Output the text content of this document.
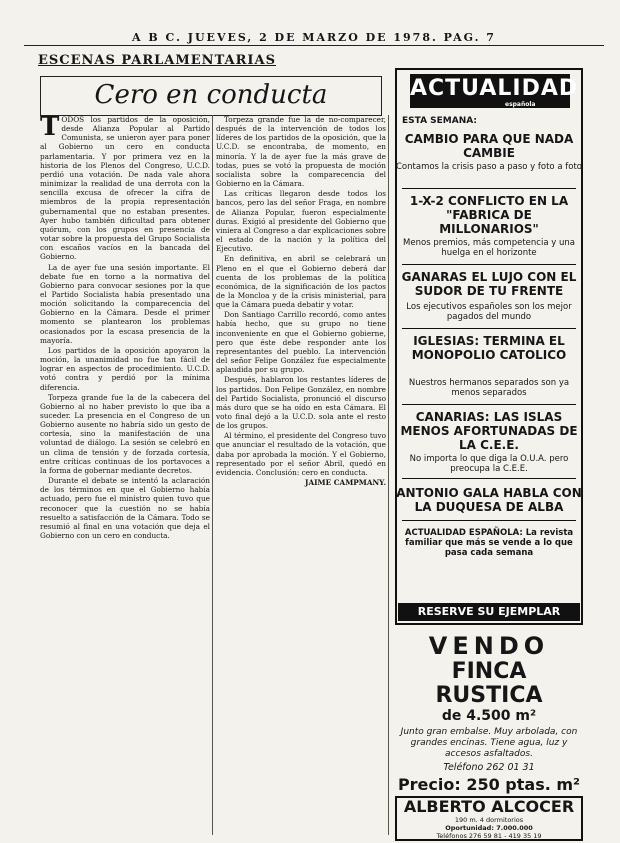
A B C. JUEVES, 2 DE MARZO DE 1978. PAG. 7
ESCENAS PARLAMENTARIAS
Cero en conducta
T ODOS los partidos de la oposición, desde Alianza Popular al Partido Comunista, se unieron ayer para poner al Gobierno un cero en conducta parlamentaria. Y por primera vez en la historia de los Plenos del Congreso, U.C.D. perdió una votación. De nada vale ahora minimizar la realidad de una derrota con la sencilla excusa de ofrecer la cifra de miembros de la propia representación gubernamental que no estaban presentes. Ayer hubo también dificultad para obtener quórum, con los grupos en presencia de votar sobre la propuesta del Grupo Socialista con escaños vacíos en la bancada del Gobierno.

La de ayer fue una sesión importante. El debate fue en torno a la normativa del Gobierno para convocar sesiones por la que el Partido Socialista había presentado una moción solicitando la comparecencia del Gobierno en la Cámara. Desde el primer momento se plantearon los problemas ocasionados por la escasa presencia de la mayoría.

Los partidos de la oposición apoyaron la moción, la unanimidad no fue tan fácil de lograr en aspectos de procedimiento. U.C.D. votó contra y perdió por la mínima diferencia.

Torpeza grande fue la de la cabecera del Gobierno al no haber previsto lo que iba a suceder. La presencia en el Congreso de un Gobierno ausente no habría sido un gesto de cortesía, sino la manifestación de una voluntad de diálogo. La sesión se celebró en un clima de tensión y de forzada cortesía, entre críticas continuas de los portavoces a la forma de gobernar mediante decretos.

Durante el debate se intentó la aclaración de los términos en que el Gobierno había actuado, pero fue el ministro quien tuvo que reconocer que la cuestión no se había resuelto a satisfacción de la Cámara. Todo se resumió al final en una votación que deja el Gobierno con un cero en conducta.

Torpeza grande fue la de no-comparecer, después de la intervención de todos los líderes de los partidos de la oposición, que la U.C.D. se encontraba, de momento, en minoría. Y la de ayer fue la más grave de todas, pues se votó la propuesta de moción socialista sobre la comparecencia del Gobierno en la Cámara.

Las críticas llegaron desde todos los bancos, pero las del señor Fraga, en nombre de Alianza Popular, fueron especialmente duras. Exigió al presidente del Gobierno que viniera al Congreso a dar explicaciones sobre el estado de la nación y la política del Ejecutivo.

En definitiva, en abril se celebrará un Pleno en el que el Gobierno deberá dar cuenta de los problemas de la política económica, de la significación de los pactos de la Moncloa y de la crisis ministerial, para que la Cámara pueda debatir y votar.

Don Santiago Carrillo recordó, como antes había hecho, que su grupo no tiene inconveniente en que el Gobierno gobierne, pero que éste debe responder ante los representantes del pueblo. La intervención del señor Felipe González fue especialmente aplaudida por su grupo.

Después, hablaron los restantes líderes de los partidos. Don Felipe González, en nombre del Partido Socialista, pronunció el discurso más duro que se ha oído en esta Cámara. El voto final dejó a la U.C.D. sola ante el resto de los grupos.

Al término, el presidente del Congreso tuvo que anunciar el resultado de la votación, que daba por aprobada la moción. Y el Gobierno, representado por el señor Abril, quedó en evidencia. Conclusión: cero en conducta.

JAIME CAMPMANY.

ACTUALIDAD
española
ESTA SEMANA:
CAMBIO PARA QUE NADA CAMBIE
Contamos la crisis paso a paso y foto a foto
1-X-2 CONFLICTO EN LA "FABRICA DE MILLONARIOS"
Menos premios, más competencia y una huelga en el horizonte
GANARAS EL LUJO CON EL SUDOR DE TU FRENTE
Los ejecutivos españoles son los mejor pagados del mundo
IGLESIAS: TERMINA EL MONOPOLIO CATOLICO
Nuestros hermanos separados son ya menos separados
CANARIAS: LAS ISLAS MENOS AFORTUNADAS DE LA C.E.E.
No importa lo que diga la O.U.A. pero preocupa la C.E.E.
ANTONIO GALA HABLA CON LA DUQUESA DE ALBA
ACTUALIDAD ESPAÑOLA: La revista familiar que más se vende a lo que pasa cada semana
RESERVE SU EJEMPLAR
VENDO
FINCA RUSTICA
de 4.500 m²
Junto gran embalse. Muy arbolada, con grandes encinas. Tiene agua, luz y accesos asfaltados.
Teléfono 262 01 31
Precio: 250 ptas. m²
ALBERTO ALCOCER
190 m. 4 dormitorios
Oportunidad: 7.000.000
Teléfonos 276 59 81 - 419 35 19
